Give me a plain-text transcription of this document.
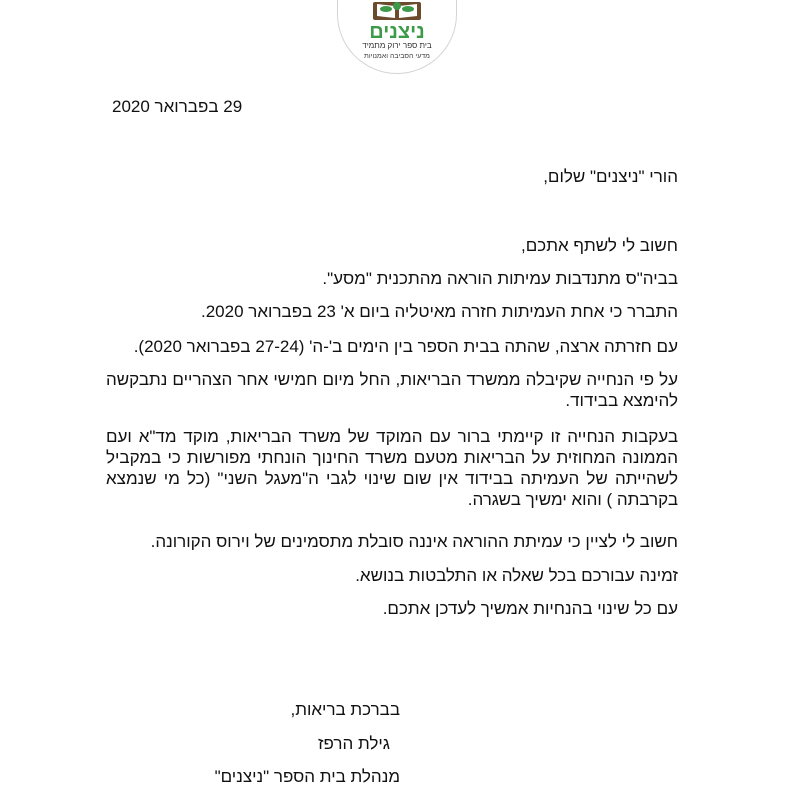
ניצנים
בית ספר ירוק מתמיד
מדעי הסביבה ואמנויות
29 בפברואר 2020
הורי "ניצנים" שלום,
חשוב לי לשתף אתכם,
בביה"ס מתנדבות עמיתות הוראה מהתכנית "מסע".
התברר כי אחת העמיתות חזרה מאיטליה ביום א' 23 בפברואר 2020.
עם חזרתה ארצה, שהתה בבית הספר בין הימים ב'-ה' (27-24 בפברואר 2020).
על פי הנחייה שקיבלה ממשרד הבריאות, החל מיום חמישי אחר הצהריים נתבקשה להימצא בבידוד.
בעקבות הנחייה זו קיימתי ברור עם המוקד של משרד הבריאות, מוקד מד"א ועם הממונה המחוזית על הבריאות מטעם משרד החינוך הונחתי מפורשות כי במקביל לשהייתה של העמיתה בבידוד אין שום שינוי לגבי ה"מעגל השני" (כל מי שנמצא בקרבתה ) והוא ימשיך בשגרה.
חשוב לי לציין כי עמיתת ההוראה איננה סובלת מתסמינים של וירוס הקורונה.
זמינה עבורכם בכל שאלה או התלבטות בנושא.
עם כל שינוי בהנחיות אמשיך לעדכן אתכם.
בברכת בריאות,
גילת הרפז
מנהלת בית הספר "ניצנים"
